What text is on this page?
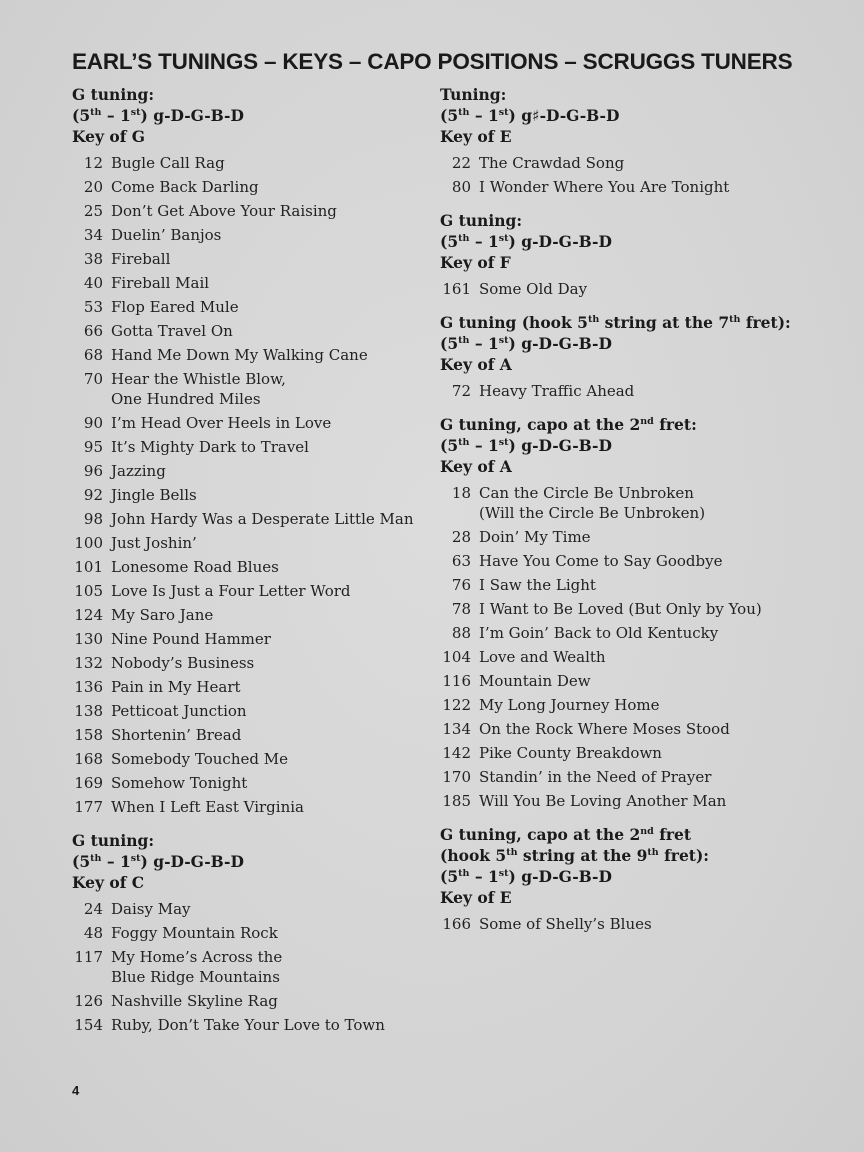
EARL’S TUNINGS – KEYS – CAPO POSITIONS – SCRUGGS TUNERS
G tuning:
(5th – 1st) g-D-G-B-D
Key of G
12 Bugle Call Rag
20 Come Back Darling
25 Don’t Get Above Your Raising
34 Duelin’ Banjos
38 Fireball
40 Fireball Mail
53 Flop Eared Mule
66 Gotta Travel On
68 Hand Me Down My Walking Cane
70 Hear the Whistle Blow,
One Hundred Miles
90 I’m Head Over Heels in Love
95 It’s Mighty Dark to Travel
96 Jazzing
92 Jingle Bells
98 John Hardy Was a Desperate Little Man
100 Just Joshin’
101 Lonesome Road Blues
105 Love Is Just a Four Letter Word
124 My Saro Jane
130 Nine Pound Hammer
132 Nobody’s Business
136 Pain in My Heart
138 Petticoat Junction
158 Shortenin’ Bread
168 Somebody Touched Me
169 Somehow Tonight
177 When I Left East Virginia
G tuning:
(5th – 1st) g-D-G-B-D
Key of C
24 Daisy May
48 Foggy Mountain Rock
117 My Home’s Across the
Blue Ridge Mountains
126 Nashville Skyline Rag
154 Ruby, Don’t Take Your Love to Town
Tuning:
(5th – 1st) g♯-D-G-B-D
Key of E
22 The Crawdad Song
80 I Wonder Where You Are Tonight
G tuning:
(5th – 1st) g-D-G-B-D
Key of F
161 Some Old Day
G tuning (hook 5th string at the 7th fret):
(5th – 1st) g-D-G-B-D
Key of A
72 Heavy Traffic Ahead
G tuning, capo at the 2nd fret:
(5th – 1st) g-D-G-B-D
Key of A
18 Can the Circle Be Unbroken
(Will the Circle Be Unbroken)
28 Doin’ My Time
63 Have You Come to Say Goodbye
76 I Saw the Light
78 I Want to Be Loved (But Only by You)
88 I’m Goin’ Back to Old Kentucky
104 Love and Wealth
116 Mountain Dew
122 My Long Journey Home
134 On the Rock Where Moses Stood
142 Pike County Breakdown
170 Standin’ in the Need of Prayer
185 Will You Be Loving Another Man
G tuning, capo at the 2nd fret
(hook 5th string at the 9th fret):
(5th – 1st) g-D-G-B-D
Key of E
166 Some of Shelly’s Blues
4
